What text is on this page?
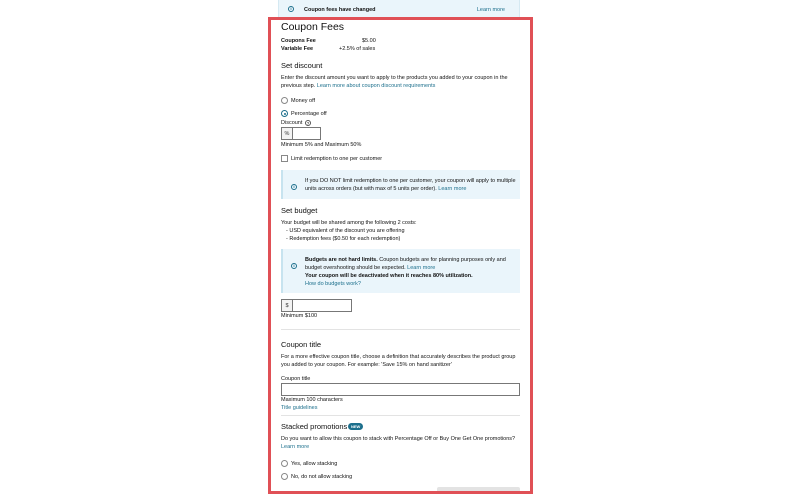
i
Coupon fees have changed	Learn more
Coupon Fees
Coupons Fee	$5.00
Variable Fee	+2.5% of sales
Set discount
Enter the discount amount you want to apply to the products you added to your coupon in the previous step. Learn more about coupon discount requirements
Money off
Percentage off
Discount ?
%
Minimum 5% and Maximum 50%
Limit redemption to one per customer
i
If you DO NOT limit redemption to one per customer, your coupon will apply to multiple units across orders (but with max of 5 units per order). Learn more
Set budget
Your budget will be shared among the following 2 costs:
- USD equivalent of the discount you are offering
- Redemption fees ($0.50 for each redemption)
i
Budgets are not hard limits. Coupon budgets are for planning purposes only and budget overshooting should be expected. Learn more
Your coupon will be deactivated when it reaches 80% utilization.
How do budgets work?
$
Minimum $100
Coupon title
For a more effective coupon title, choose a definition that accurately describes the product group you added to your coupon. For example: 'Save 15% on hand sanitizer'
Coupon title
Maximum 100 characters
Title guidelines
Stacked promotions NEW
Do you want to allow this coupon to stack with Percentage Off or Buy One Get One promotions? Learn more
Yes, allow stacking
No, do not allow stacking
